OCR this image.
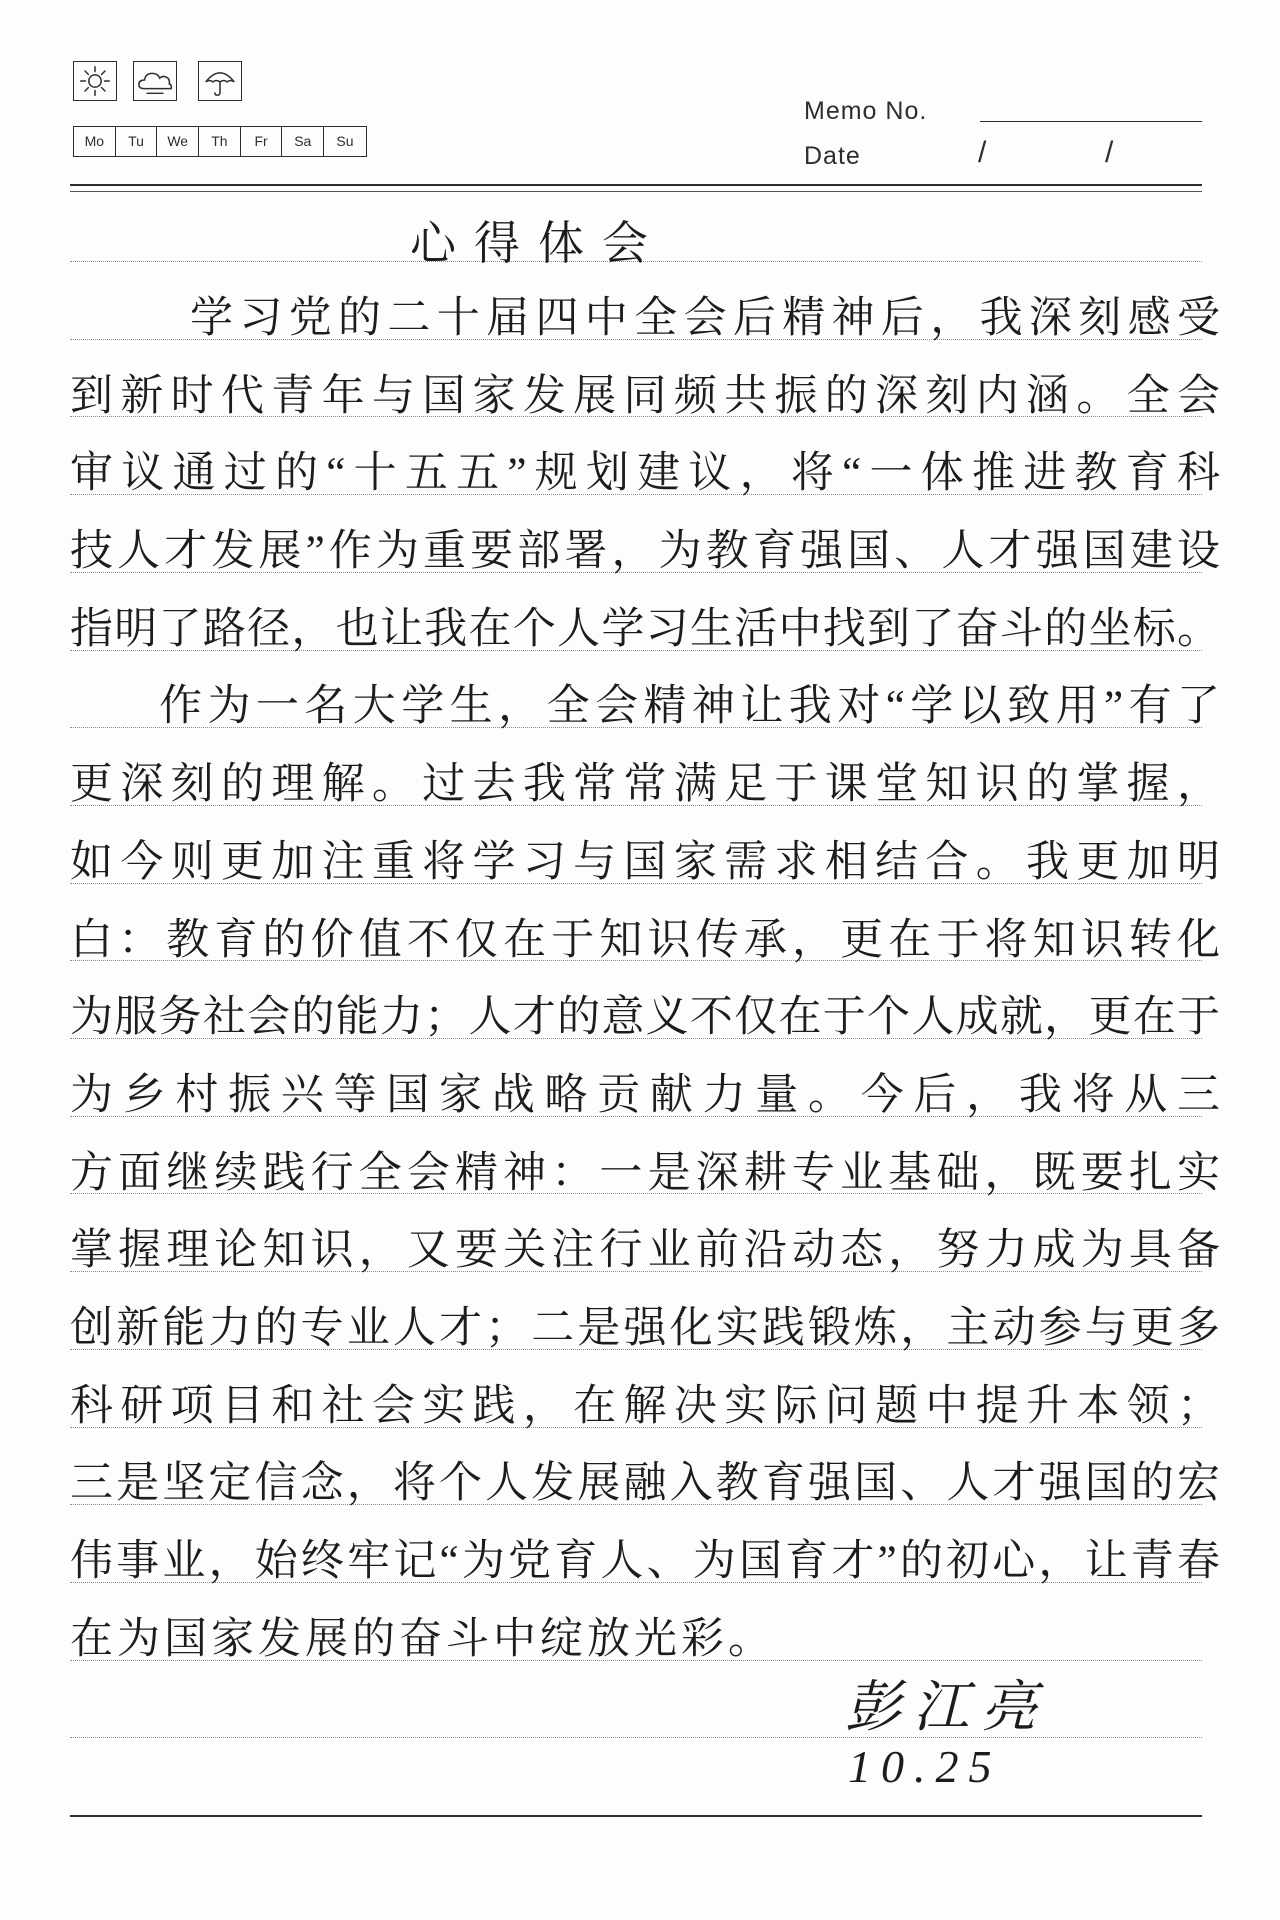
Mo	Tu	We	Th	Fr	Sa	Su
Memo No.
Date	/	/
心得体会
学习党的二十届四中全会后精神后，我深刻感受
到新时代青年与国家发展同频共振的深刻内涵。全会
审议通过的“十五五”规划建议，将“一体推进教育科
技人才发展”作为重要部署，为教育强国、人才强国建设
指明了路径，也让我在个人学习生活中找到了奋斗的坐标。
作为一名大学生，全会精神让我对“学以致用”有了
更深刻的理解。过去我常常满足于课堂知识的掌握，
如今则更加注重将学习与国家需求相结合。我更加明
白：教育的价值不仅在于知识传承，更在于将知识转化
为服务社会的能力；人才的意义不仅在于个人成就，更在于
为乡村振兴等国家战略贡献力量。今后，我将从三
方面继续践行全会精神：一是深耕专业基础，既要扎实
掌握理论知识，又要关注行业前沿动态，努力成为具备
创新能力的专业人才；二是强化实践锻炼，主动参与更多
科研项目和社会实践，在解决实际问题中提升本领；
三是坚定信念，将个人发展融入教育强国、人才强国的宏
伟事业，始终牢记“为党育人、为国育才”的初心，让青春
在为国家发展的奋斗中绽放光彩。
彭江亮
10.25
